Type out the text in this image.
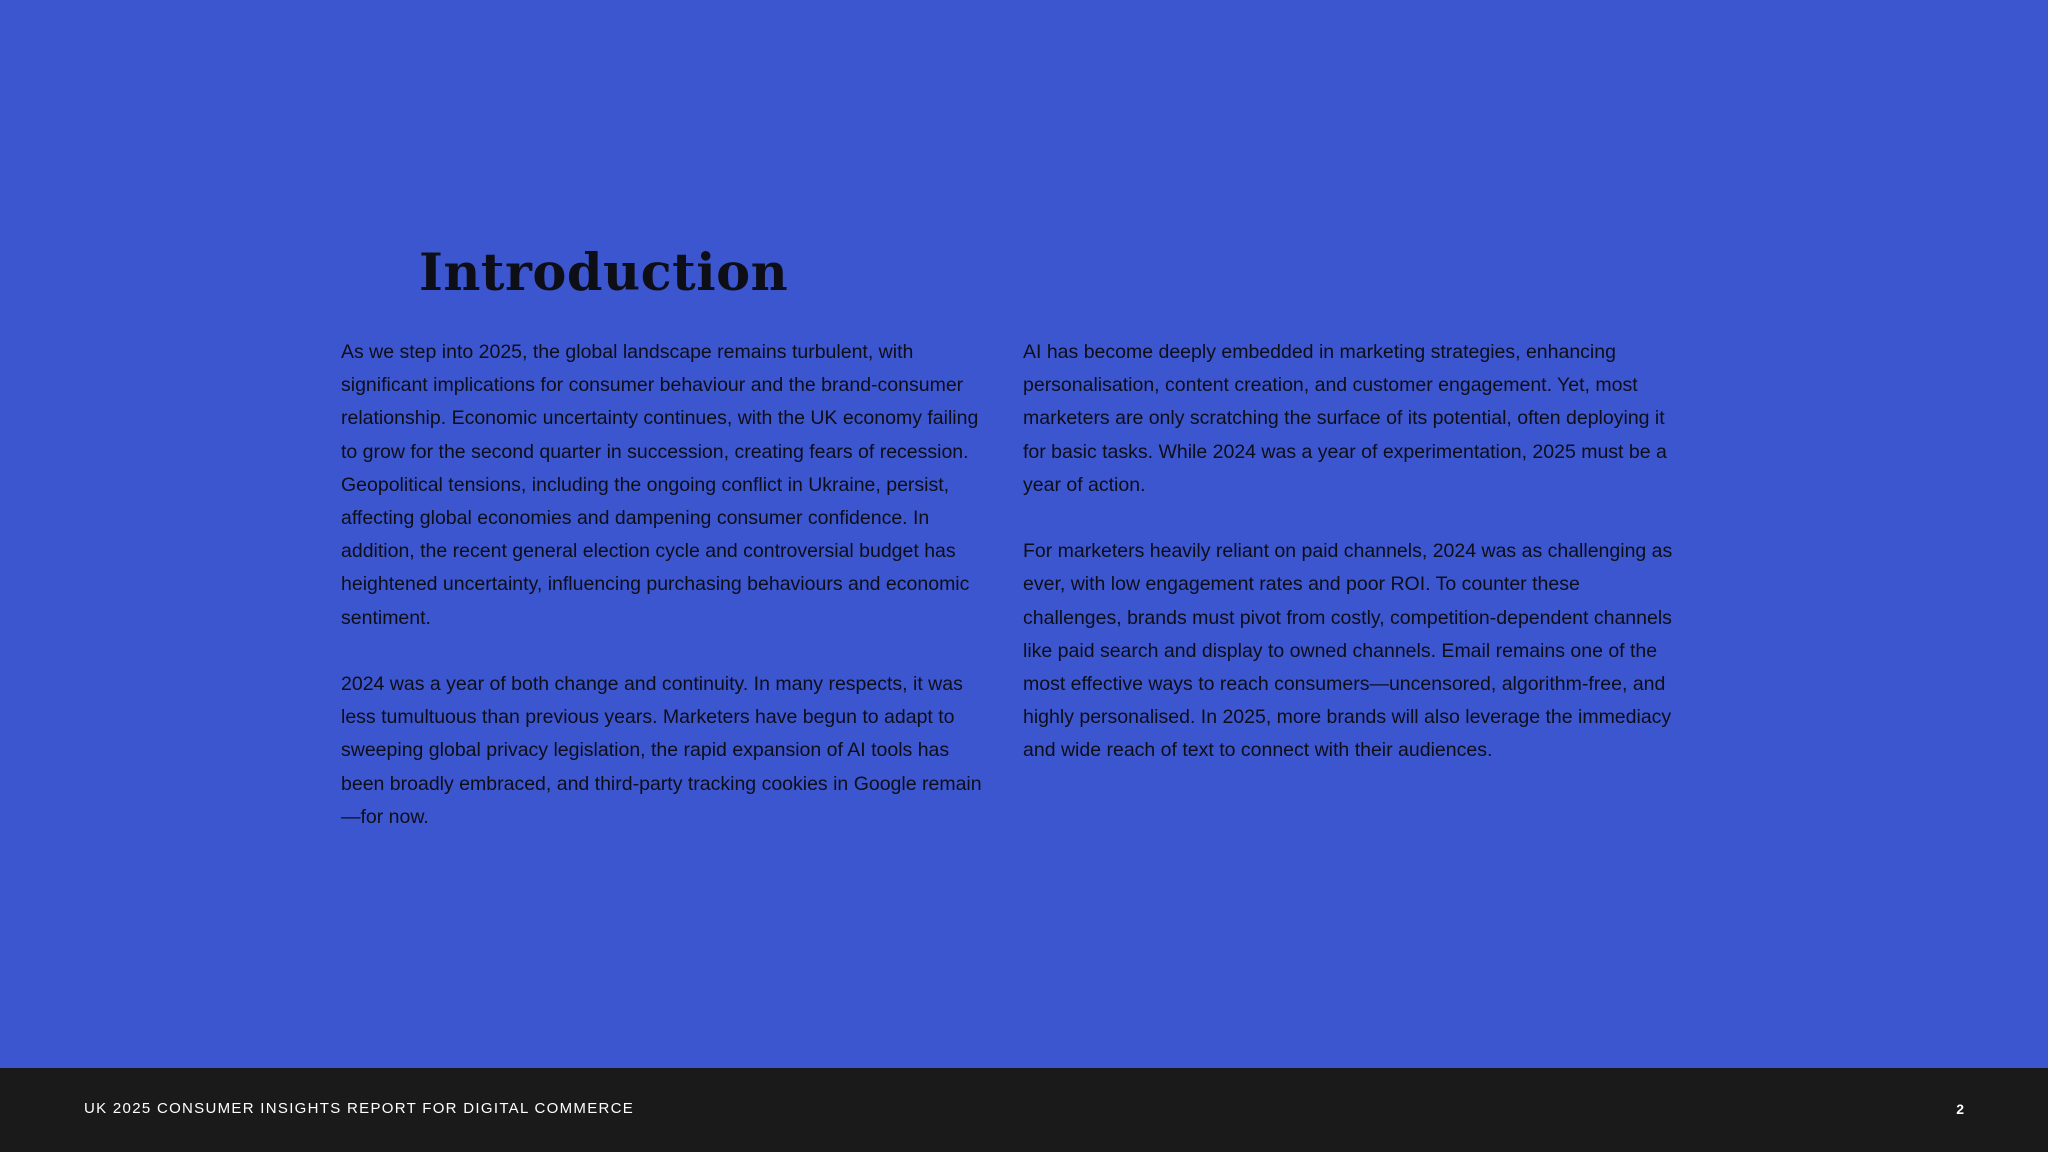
Introduction

As we step into 2025, the global landscape remains turbulent, with significant implications for consumer behaviour and the brand-consumer relationship. Economic uncertainty continues, with the UK economy failing to grow for the second quarter in succession, creating fears of recession. Geopolitical tensions, including the ongoing conflict in Ukraine, persist, affecting global economies and dampening consumer confidence. In addition, the recent general election cycle and controversial budget has heightened uncertainty, influencing purchasing behaviours and economic sentiment.

2024 was a year of both change and continuity. In many respects, it was less tumultuous than previous years. Marketers have begun to adapt to sweeping global privacy legislation, the rapid expansion of AI tools has been broadly embraced, and third-party tracking cookies in Google remain—for now.

AI has become deeply embedded in marketing strategies, enhancing personalisation, content creation, and customer engagement. Yet, most marketers are only scratching the surface of its potential, often deploying it for basic tasks. While 2024 was a year of experimentation, 2025 must be a year of action.

For marketers heavily reliant on paid channels, 2024 was as challenging as ever, with low engagement rates and poor ROI. To counter these challenges, brands must pivot from costly, competition-dependent channels like paid search and display to owned channels. Email remains one of the most effective ways to reach consumers—uncensored, algorithm-free, and highly personalised. In 2025, more brands will also leverage the immediacy and wide reach of text to connect with their audiences.

UK 2025 CONSUMER INSIGHTS REPORT FOR DIGITAL COMMERCE	2
